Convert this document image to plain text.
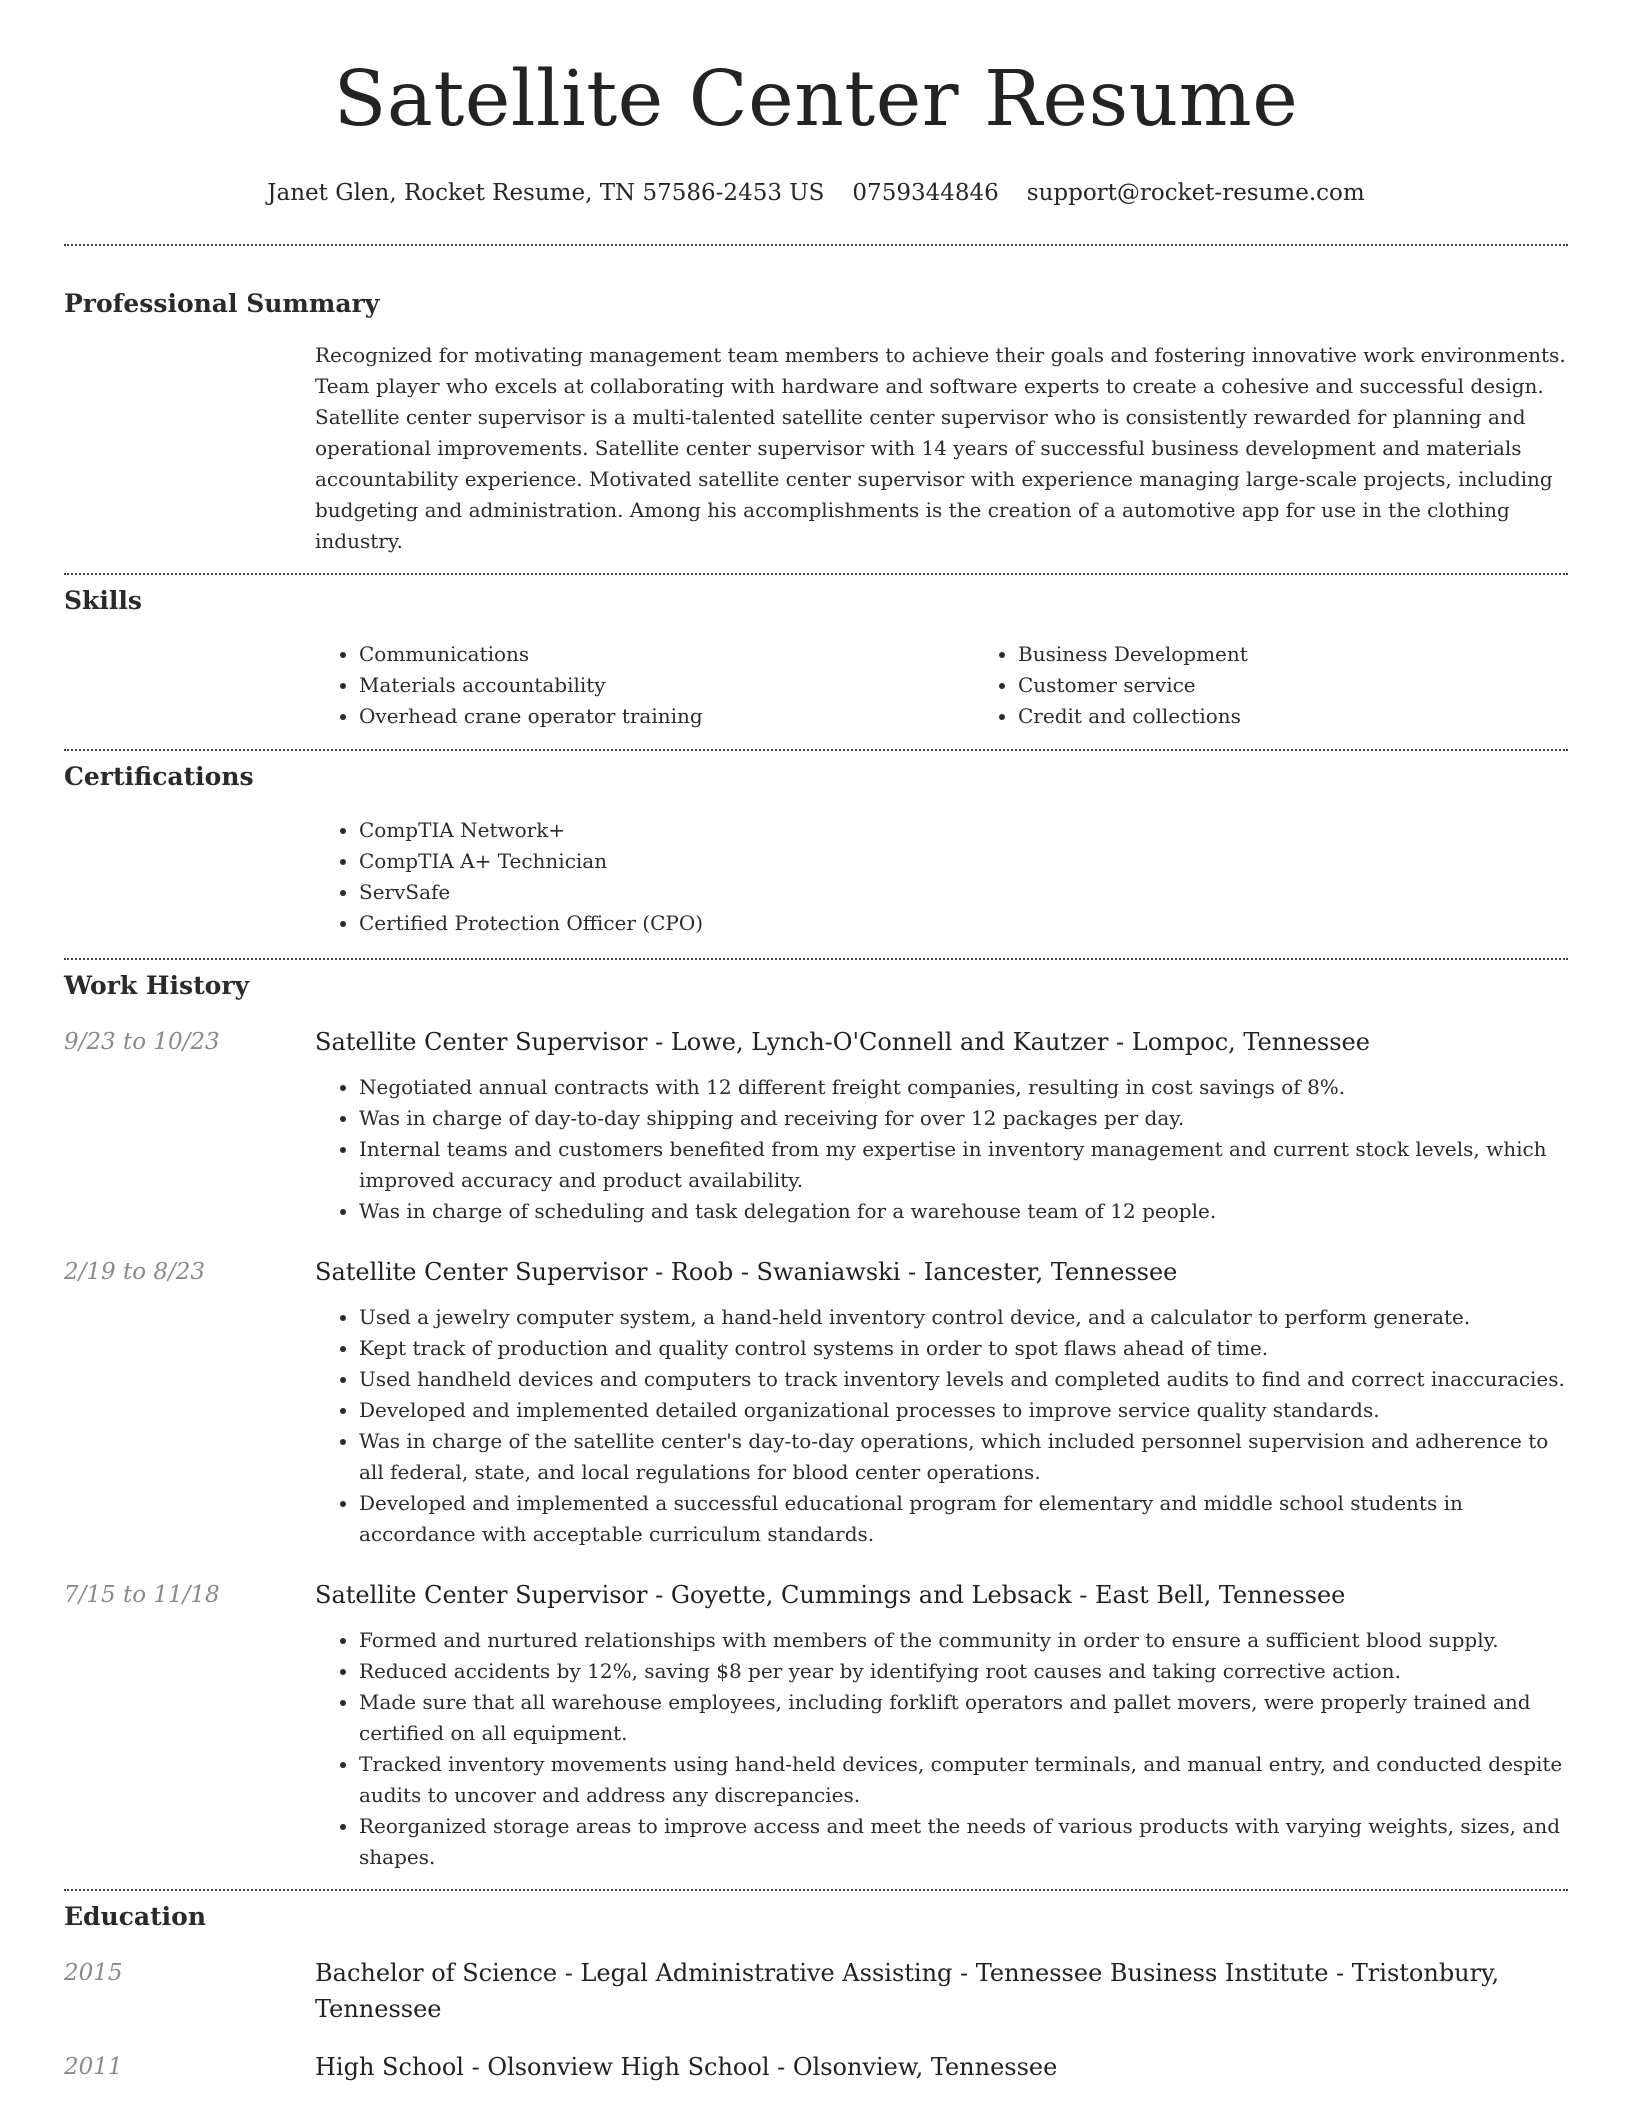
Satellite Center Resume
Janet Glen, Rocket Resume, TN 57586-2453 US 0759344846 support@rocket-resume.com
Professional Summary
Recognized for motivating management team members to achieve their goals and fostering innovative work environments. Team player who excels at collaborating with hardware and software experts to create a cohesive and successful design. Satellite center supervisor is a multi-talented satellite center supervisor who is consistently rewarded for planning and operational improvements. Satellite center supervisor with 14 years of successful business development and materials accountability experience. Motivated satellite center supervisor with experience managing large-scale projects, including budgeting and administration. Among his accomplishments is the creation of a automotive app for use in the clothing industry.
Skills
• Communications
• Materials accountability
• Overhead crane operator training
• Business Development
• Customer service
• Credit and collections
Certifications
• CompTIA Network+
• CompTIA A+ Technician
• ServSafe
• Certified Protection Officer (CPO)
Work History
9/23 to 10/23	Satellite Center Supervisor - Lowe, Lynch-O'Connell and Kautzer - Lompoc, Tennessee
• Negotiated annual contracts with 12 different freight companies, resulting in cost savings of 8%.
• Was in charge of day-to-day shipping and receiving for over 12 packages per day.
• Internal teams and customers benefited from my expertise in inventory management and current stock levels, which improved accuracy and product availability.
• Was in charge of scheduling and task delegation for a warehouse team of 12 people.
2/19 to 8/23	Satellite Center Supervisor - Roob - Swaniawski - Iancester, Tennessee
• Used a jewelry computer system, a hand-held inventory control device, and a calculator to perform generate.
• Kept track of production and quality control systems in order to spot flaws ahead of time.
• Used handheld devices and computers to track inventory levels and completed audits to find and correct inaccuracies.
• Developed and implemented detailed organizational processes to improve service quality standards.
• Was in charge of the satellite center's day-to-day operations, which included personnel supervision and adherence to all federal, state, and local regulations for blood center operations.
• Developed and implemented a successful educational program for elementary and middle school students in accordance with acceptable curriculum standards.
7/15 to 11/18	Satellite Center Supervisor - Goyette, Cummings and Lebsack - East Bell, Tennessee
• Formed and nurtured relationships with members of the community in order to ensure a sufficient blood supply.
• Reduced accidents by 12%, saving $8 per year by identifying root causes and taking corrective action.
• Made sure that all warehouse employees, including forklift operators and pallet movers, were properly trained and certified on all equipment.
• Tracked inventory movements using hand-held devices, computer terminals, and manual entry, and conducted despite audits to uncover and address any discrepancies.
• Reorganized storage areas to improve access and meet the needs of various products with varying weights, sizes, and shapes.
Education
2015	Bachelor of Science - Legal Administrative Assisting - Tennessee Business Institute - Tristonbury, Tennessee
2011	High School - Olsonview High School - Olsonview, Tennessee
